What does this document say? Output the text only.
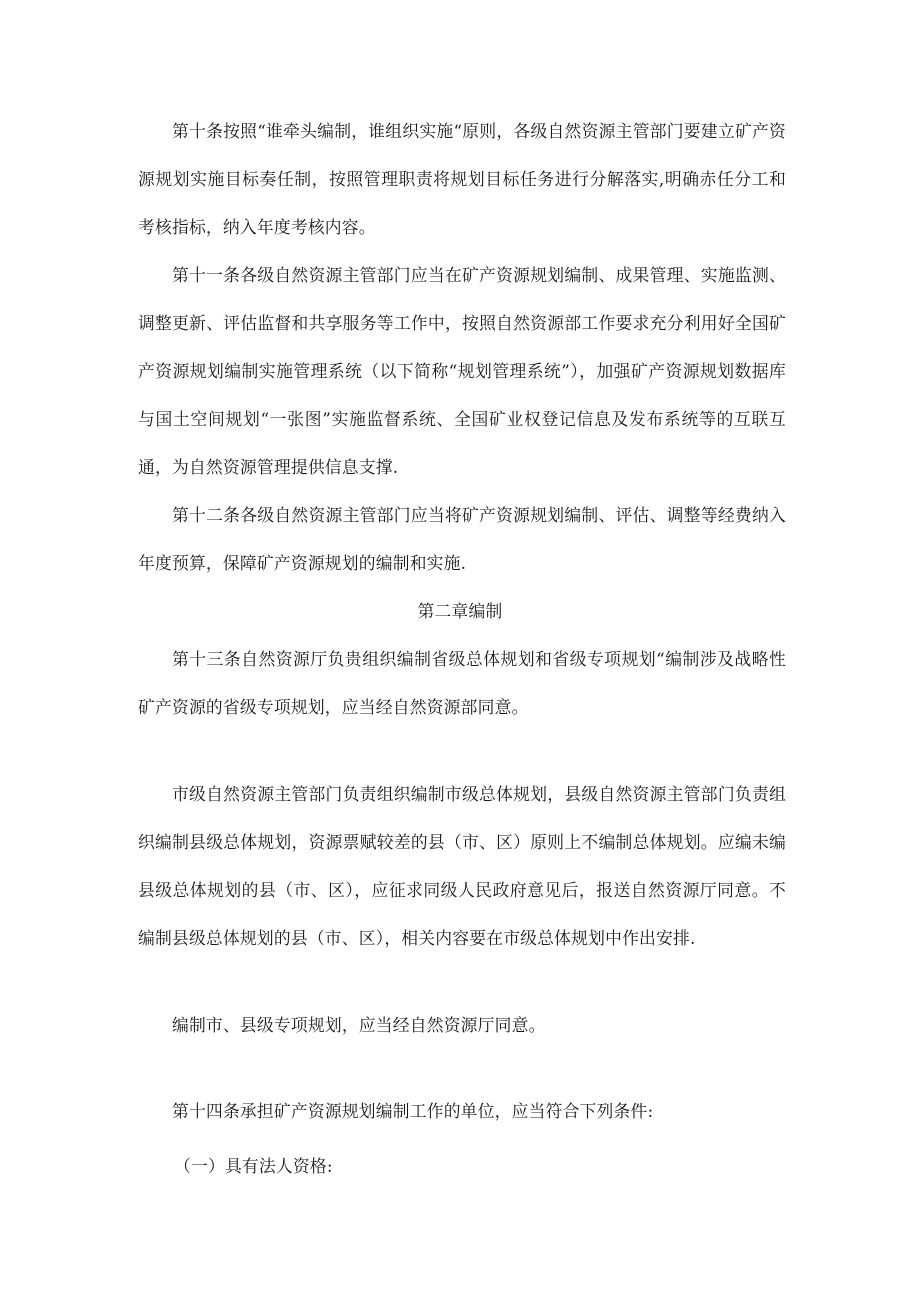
第十条按照“谁牵头编制，谁组织实施“原则，各级自然资源主管部门要建立矿产资源规划实施目标奏任制，按照管理职责将规划目标任务进行分解落实,明确赤任分工和考核指标，纳入年度考核内容。

第十一条各级自然资源主管部门应当在矿产资源规划编制、成果管理、实施监测、调整更新、评估监督和共享服务等工作中，按照自然资源部工作要求充分利用好全国矿产资源规划编制实施管理系统（以下简称“规划管理系统”），加强矿产资源规划数据库与国土空间规划“一张图”实施监督系统、全国矿业权登记信息及发布系统等的互联互通，为自然资源管理提供信息支撑.

第十二条各级自然资源主管部门应当将矿产资源规划编制、评估、调整等经费纳入年度预算，保障矿产资源规划的编制和实施.

第二章编制

第十三条自然资源厅负贵组织编制省级总体规划和省级专项规划“编制涉及战略性矿产资源的省级专项规划，应当经自然资源部同意。

市级自然资源主管部门负责组织编制市级总体规划，县级自然资源主管部门负责组织编制县级总体规划，资源票赋较差的县（市、区）原则上不编制总体规划。应编未编县级总体规划的县（市、区），应征求同级人民政府意见后，报送自然资源厅同意。不编制县级总体规划的县（市、区），相关内容要在市级总体规划中作出安排.

编制市、县级专项规划，应当经自然资源厅同意。

第十四条承担矿产资源规划编制工作的单位，应当符合下列条件:

（一）具有法人资格:
